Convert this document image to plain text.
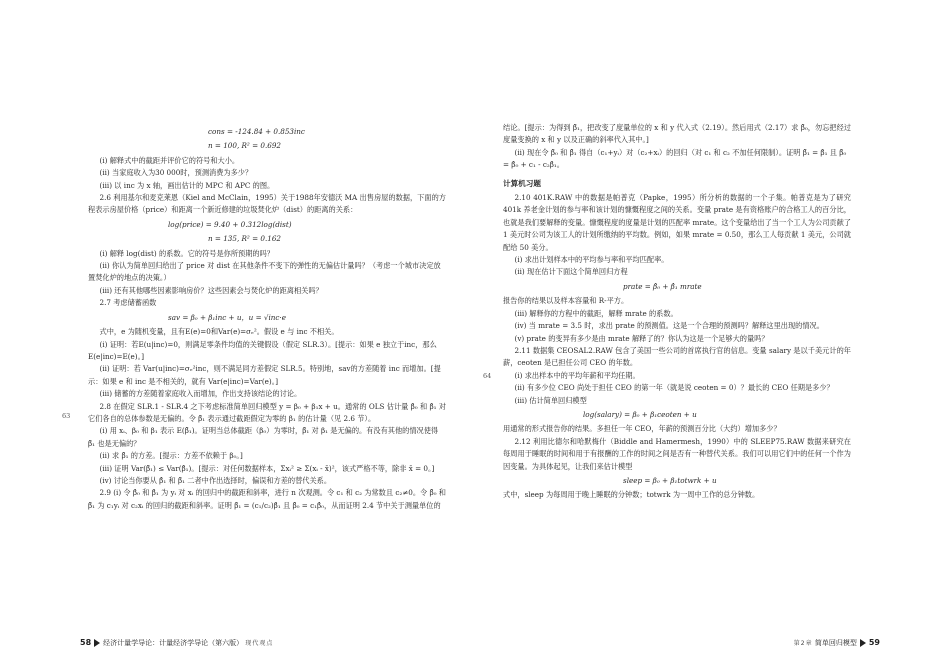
cons = -124.84 + 0.853inc
n = 100, R² = 0.692

(i) 解释式中的截距并评价它的符号和大小。

(ii) 当家庭收入为30 000时，预测消费为多少？

(iii) 以 inc 为 x 轴，画出估计的 MPC 和 APC 的图。

2.6 利用基尔和麦克莱恩（Kiel and McClain，1995）关于1988年安德沃 MA 出售房屋的数据，下面的方程表示房屋价格（price）和距离一个新近修建的垃圾焚化炉（dist）的距离的关系：

log(price) = 9.40 + 0.312log(dist)
n = 135, R² = 0.162

(i) 解释 log(dist) 的系数。它的符号是你所预期的吗？

(ii) 你认为简单回归给出了 price 对 dist 在其他条件不变下的弹性的无偏估计量吗？（考虑一个城市决定放置焚化炉的地点的决策。）

(iii) 还有其他哪些因素影响房价？这些因素会与焚化炉的距离相关吗？

2.7 考虑储蓄函数

sav = β₀ + β₁inc + u，u = √inc·e

式中，e 为随机变量，且有E(e)=0和Var(e)=σₑ²。假设 e 与 inc 不相关。

(i) 证明：若E(u|inc)=0，则满足零条件均值的关键假设（假定 SLR.3）。[提示：如果 e 独立于inc，那么E(e|inc)=E(e)。]

(ii) 证明：若 Var(u|inc)=σₑ²inc，则不满足同方差假定 SLR.5。特别地，sav的方差随着 inc 而增加。[提示：如果 e 和 inc 是不相关的，就有 Var(e|inc)=Var(e)。]

(iii) 储蓄的方差随着家庭收入而增加，作出支持该结论的讨论。

2.8 在假定 SLR.1 - SLR.4 之下考虑标准简单回归模型 y = β₀ + β₁x + u。通常的 OLS 估计量 β̂₀ 和 β̂₁ 对它们各自的总体参数是无偏的。令 β̃₁ 表示通过截距假定为零的 β₁ 的估计量（见 2.6 节）。

(i) 用 xᵢ、β₀ 和 β₁ 表示 E(β̃₁)。证明当总体截距（β₀）为零时，β̃₁ 对 β₁ 是无偏的。有没有其他的情况使得 β̃₁ 也是无偏的？

(ii) 求 β̃₁ 的方差。[提示：方差不依赖于 β₀。]

(iii) 证明 Var(β̃₁) ≤ Var(β̂₁)。[提示：对任何数据样本，Σxᵢ² ≥ Σ(xᵢ - x̄)²，该式严格不等，除非 x̄ = 0。]

(iv) 讨论当你要从 β̂₁ 和 β̃₁ 二者中作出选择时，偏误和方差的替代关系。

2.9 (i) 令 β̂₀ 和 β̂₁ 为 yᵢ 对 xᵢ 的回归中的截距和斜率，进行 n 次观测。令 c₁ 和 c₂ 为常数且 c₂≠0。令 β̃₀ 和 β̃₁ 为 c₁yᵢ 对 c₂xᵢ 的回归的截距和斜率。证明 β̃₁ = (c₁/c₂)β̂₁ 且 β̃₀ = c₁β̂₀，从而证明 2.4 节中关于测量单位的

63
58 经济计量学导论：计量经济学导论（第六版） 现代观点

结论。[提示：为得到 β̃₁，把改变了度量单位的 x 和 y 代入式（2.19）。然后用式（2.17）求 β̃₀，勿忘把经过度量变换的 x 和 y 以及正确的斜率代入其中。]

(ii) 现在令 β̃₀ 和 β̃₁ 得自（c₁+yᵢ）对（c₂+xᵢ）的回归（对 c₁ 和 c₂ 不加任何限制）。证明 β̃₁ = β̂₁ 且 β̃₀ = β̂₀ + c₁ - c₂β̂₁。

计算机习题

2.10 401K.RAW 中的数据是帕普克（Papke，1995）所分析的数据的一个子集。帕普克是为了研究 401k 养老金计划的参与率和该计划的慷慨程度之间的关系。变量 prate 是有资格账户的合格工人的百分比，也就是我们要解释的变量。慷慨程度的度量是计划的匹配率 mrate。这个变量给出了当一个工人为公司贡献了 1 美元时公司为该工人的计划所缴纳的平均数。例如，如果 mrate = 0.50，那么工人每贡献 1 美元，公司就配给 50 美分。

(i) 求出计划样本中的平均参与率和平均匹配率。

(ii) 现在估计下面这个简单回归方程

prate = β̂₀ + β̂₁ mrate

报告你的结果以及样本容量和 R-平方。

(iii) 解释你的方程中的截距，解释 mrate 的系数。

(iv) 当 mrate = 3.5 时，求出 prate 的预测值。这是一个合理的预测吗？解释这里出现的情况。

(v) prate 的变异有多少是由 mrate 解释了的？你认为这是一个足够大的量吗？

2.11 数据集 CEOSAL2.RAW 包含了美国一些公司的首席执行官的信息。变量 salary 是以千美元计的年薪，ceoten 是已担任公司 CEO 的年数。

(i) 求出样本中的平均年薪和平均任期。

(ii) 有多少位 CEO 尚处于担任 CEO 的第一年（就是说 ceoten = 0）？最长的 CEO 任期是多少？

(iii) 估计简单回归模型

log(salary) = β₀ + β₁ceoten + u

用通常的形式报告你的结果。多担任一年 CEO，年薪的预测百分比（大约）增加多少？

2.12 利用比德尔和哈默梅什（Biddle and Hamermesh，1990）中的 SLEEP75.RAW 数据来研究在每周用于睡眠的时间和用于有报酬的工作的时间之间是否有一种替代关系。我们可以用它们中的任何一个作为因变量。为具体起见，让我们来估计模型

sleep = β₀ + β₁totwrk + u

式中，sleep 为每周用于晚上睡眠的分钟数；totwrk 为一周中工作的总分钟数。

64
第2章 简单回归模型 59
